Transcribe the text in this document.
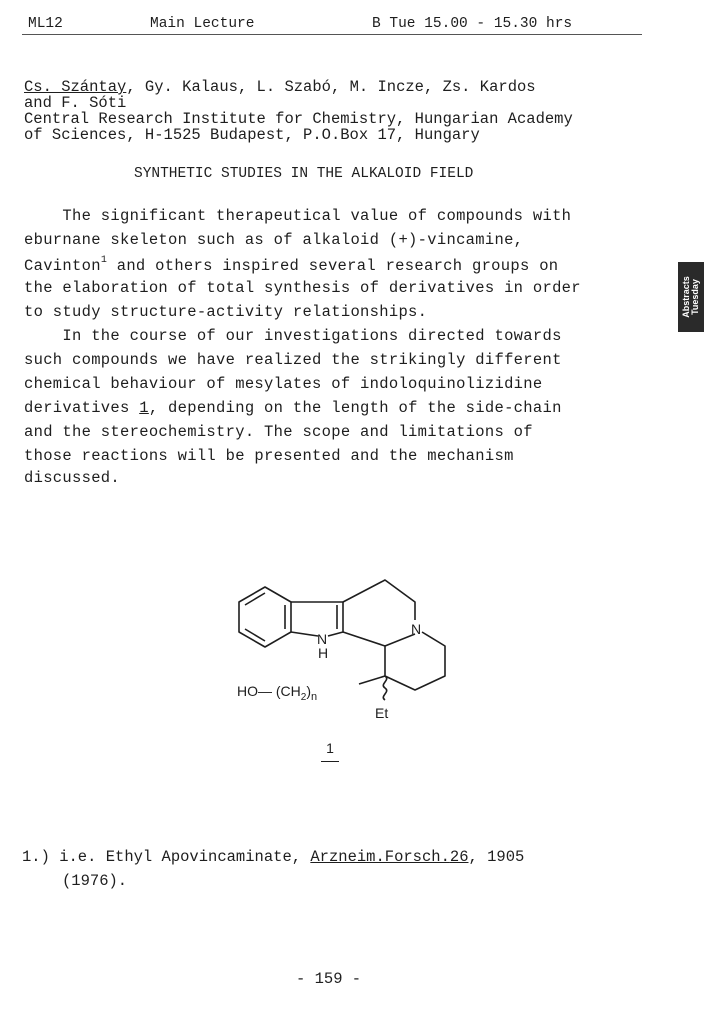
ML12	Main Lecture	B Tue 15.00 - 15.30 hrs
Cs. Szántay, Gy. Kalaus, L. Szabó, M. Incze, Zs. Kardos
and F. Sóti
Central Research Institute for Chemistry, Hungarian Academy
of Sciences, H-1525 Budapest, P.O.Box 17, Hungary
SYNTHETIC STUDIES IN THE ALKALOID FIELD
The significant therapeutical value of compounds with
eburnane skeleton such as of alkaloid (+)-vincamine,
Cavinton$^1$ and others inspired several research groups on
the elaboration of total synthesis of derivatives in order
to study structure-activity relationships.
In the course of our investigations directed towards
such compounds we have realized the strikingly different
chemical behaviour of mesylates of indoloquinolizidine
derivatives 1, depending on the length of the side-chain
and the stereochemistry. The scope and limitations of
those reactions will be presented and the mechanism
discussed.
Abstracts Tuesday
N
H
N
HO— $(CH_2)_n$
Et
1
1.) i.e. Ethyl Apovincaminate, Arzneim.Forsch.26, 1905
(1976).
- 159 -
